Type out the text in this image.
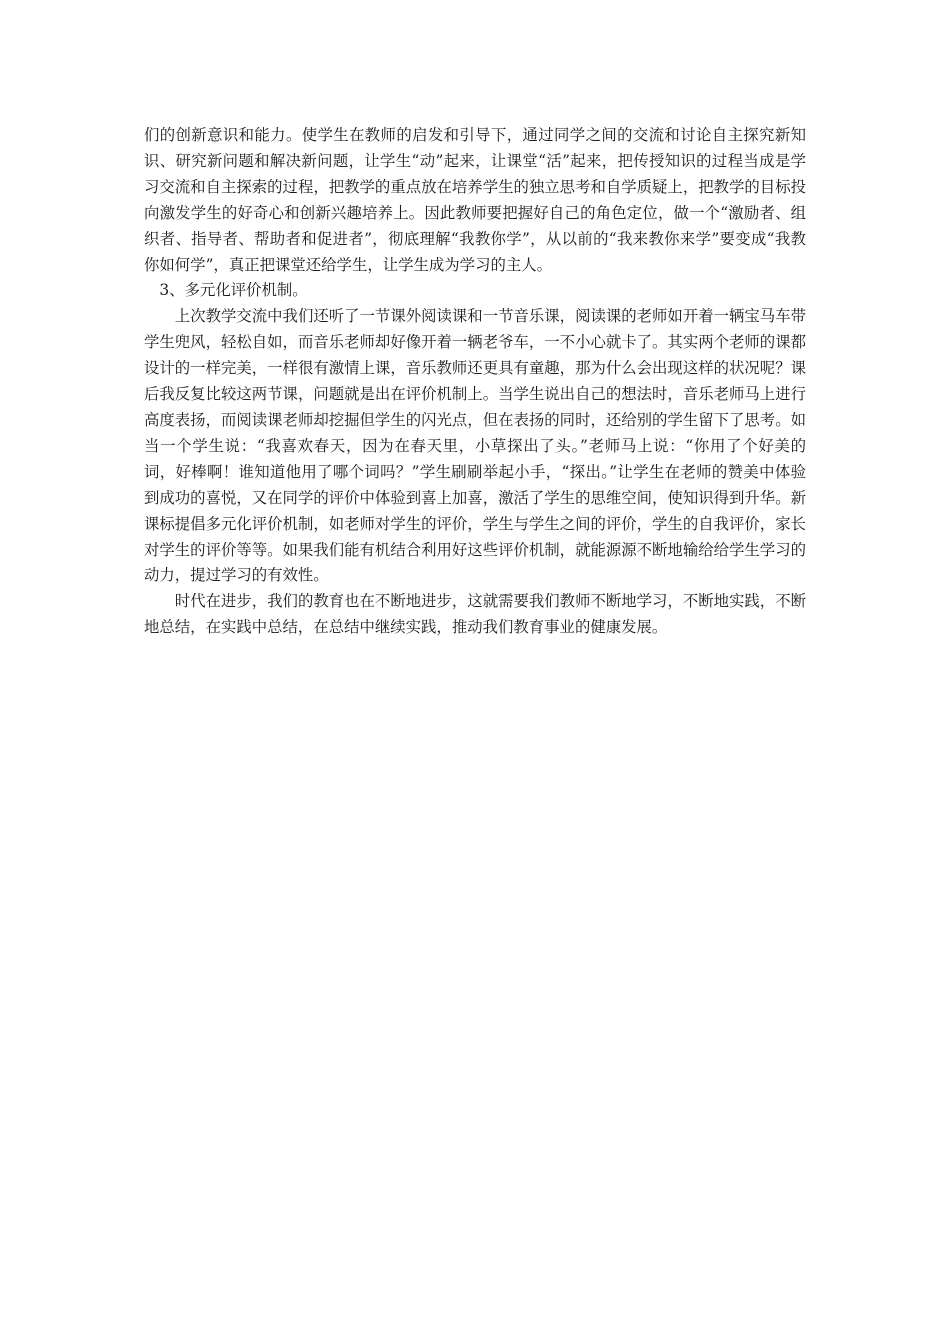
们的创新意识和能力。使学生在教师的启发和引导下，通过同学之间的交流和讨论自主探究新知识、研究新问题和解决新问题，让学生“动”起来，让课堂“活”起来，把传授知识的过程当成是学习交流和自主探索的过程，把教学的重点放在培养学生的独立思考和自学质疑上，把教学的目标投向激发学生的好奇心和创新兴趣培养上。因此教师要把握好自己的角色定位，做一个“激励者、组织者、指导者、帮助者和促进者”，彻底理解“我教你学”，从以前的“我来教你来学”要变成“我教你如何学”，真正把课堂还给学生，让学生成为学习的主人。

3、多元化评价机制。

上次教学交流中我们还听了一节课外阅读课和一节音乐课，阅读课的老师如开着一辆宝马车带学生兜风，轻松自如，而音乐老师却好像开着一辆老爷车，一不小心就卡了。其实两个老师的课都设计的一样完美，一样很有激情上课，音乐教师还更具有童趣，那为什么会出现这样的状况呢？课后我反复比较这两节课，问题就是出在评价机制上。当学生说出自己的想法时，音乐老师马上进行高度表扬，而阅读课老师却挖掘但学生的闪光点，但在表扬的同时，还给别的学生留下了思考。如当一个学生说：“我喜欢春天，因为在春天里，小草探出了头。”老师马上说：“你用了个好美的词，好棒啊！谁知道他用了哪个词吗？”学生刷刷举起小手，“探出。”让学生在老师的赞美中体验到成功的喜悦，又在同学的评价中体验到喜上加喜，激活了学生的思维空间，使知识得到升华。新课标提倡多元化评价机制，如老师对学生的评价，学生与学生之间的评价，学生的自我评价，家长对学生的评价等等。如果我们能有机结合利用好这些评价机制，就能源源不断地输给给学生学习的动力，提过学习的有效性。

时代在进步，我们的教育也在不断地进步，这就需要我们教师不断地学习，不断地实践，不断地总结，在实践中总结，在总结中继续实践，推动我们教育事业的健康发展。
